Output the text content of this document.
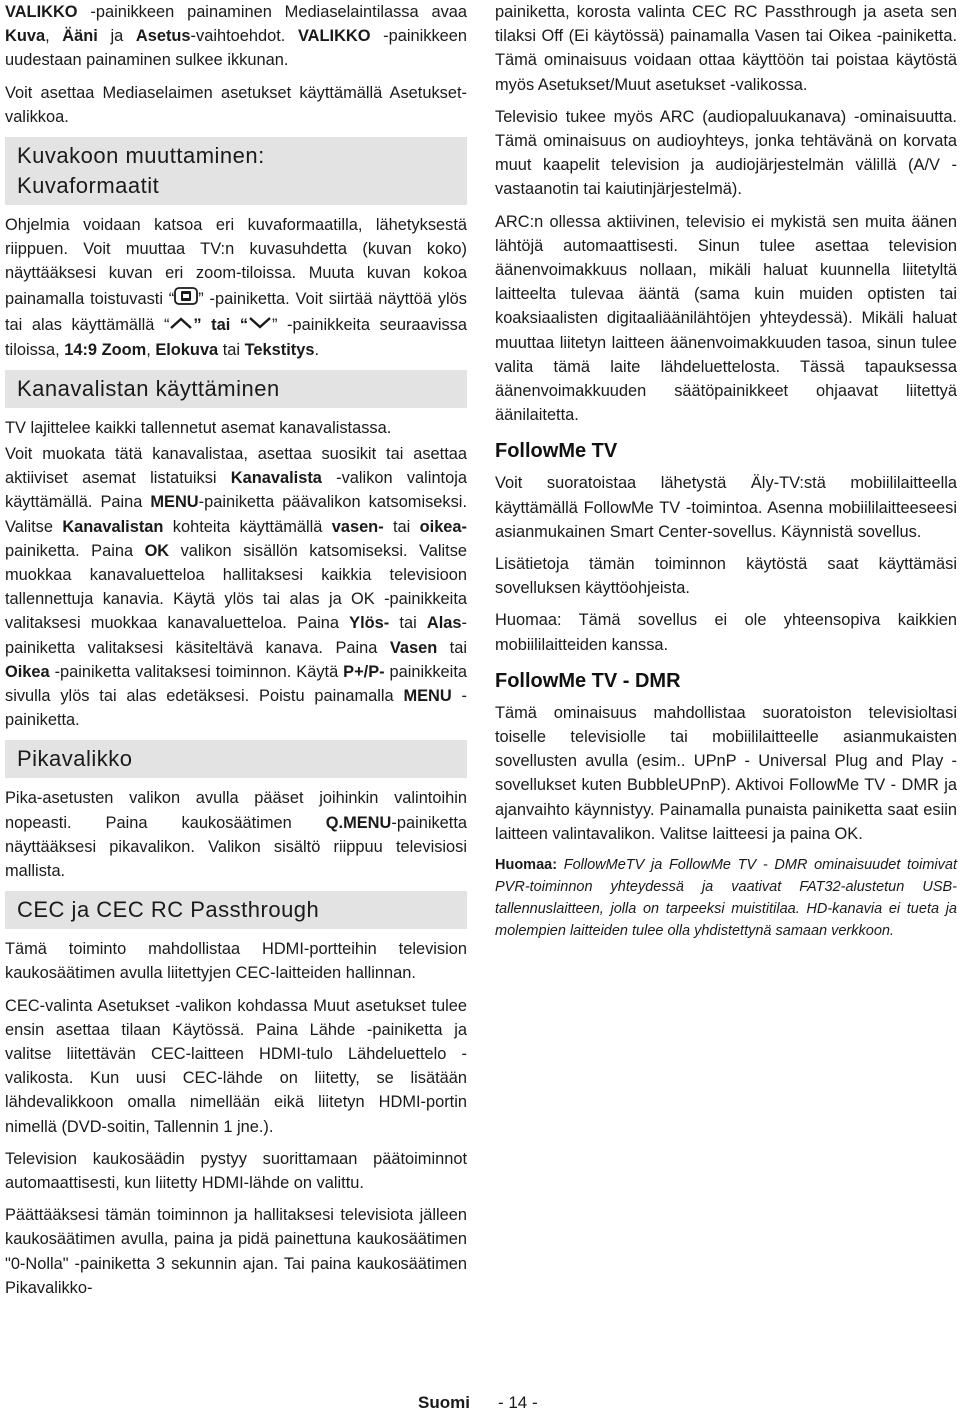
VALIKKO -painikkeen painaminen Mediaselaintilassa avaa Kuva, Ääni ja Asetus-vaihtoehdot. VALIKKO -painikkeen uudestaan painaminen sulkee ikkunan.

Voit asettaa Mediaselaimen asetukset käyttämällä Asetukset-valikkoa.

Kuvakoon muuttaminen:
Kuvaformaatit

Ohjelmia voidaan katsoa eri kuvaformaatilla, lähetyksestä riippuen. Voit muuttaa TV:n kuvasuhdetta (kuvan koko) näyttääksesi kuvan eri zoom-tiloissa. Muuta kuvan kokoa painamalla toistuvasti “ ” -painiketta. Voit siirtää näyttöä ylös tai alas käyttämällä “ ” tai “ ” -painikkeita seuraavissa tiloissa, 14:9 Zoom, Elokuva tai Tekstitys.

Kanavalistan käyttäminen

TV lajittelee kaikki tallennetut asemat kanavalistassa.

Voit muokata tätä kanavalistaa, asettaa suosikit tai asettaa aktiiviset asemat listatuiksi Kanavalista -valikon valintoja käyttämällä. Paina MENU-painiketta päävalikon katsomiseksi. Valitse Kanavalistan kohteita käyttämällä vasen- tai oikea- painiketta. Paina OK valikon sisällön katsomiseksi. Valitse muokkaa kanavaluetteloa hallitaksesi kaikkia televisioon tallennettuja kanavia. Käytä ylös tai alas ja OK -painikkeita valitaksesi muokkaa kanavaluetteloa. Paina Ylös- tai Alas-painiketta valitaksesi käsiteltävä kanava. Paina Vasen tai Oikea -painiketta valitaksesi toiminnon. Käytä P+/P- painikkeita sivulla ylös tai alas edetäksesi. Poistu painamalla MENU -painiketta.

Pikavalikko

Pika-asetusten valikon avulla pääset joihinkin valintoihin nopeasti. Paina kaukosäätimen Q.MENU-painiketta näyttääksesi pikavalikon. Valikon sisältö riippuu televisiosi mallista.

CEC ja CEC RC Passthrough

Tämä toiminto mahdollistaa HDMI-portteihin television kaukosäätimen avulla liitettyjen CEC-laitteiden hallinnan.

CEC-valinta Asetukset -valikon kohdassa Muut asetukset tulee ensin asettaa tilaan Käytössä. Paina Lähde -painiketta ja valitse liitettävän CEC-laitteen HDMI-tulo Lähdeluettelo -valikosta. Kun uusi CEC-lähde on liitetty, se lisätään lähdevalikkoon omalla nimellään eikä liitetyn HDMI-portin nimellä (DVD-soitin, Tallennin 1 jne.).

Television kaukosäädin pystyy suorittamaan päätoiminnot automaattisesti, kun liitetty HDMI-lähde on valittu.

Päättääksesi tämän toiminnon ja hallitaksesi televisiota jälleen kaukosäätimen avulla, paina ja pidä painettuna kaukosäätimen "0-Nolla" -painiketta 3 sekunnin ajan. Tai paina kaukosäätimen Pikavalikko-

painiketta, korosta valinta CEC RC Passthrough ja aseta sen tilaksi Off (Ei käytössä) painamalla Vasen tai Oikea -painiketta. Tämä ominaisuus voidaan ottaa käyttöön tai poistaa käytöstä myös Asetukset/Muut asetukset -valikossa.

Televisio tukee myös ARC (audiopaluukanava) -ominaisuutta. Tämä ominaisuus on audioyhteys, jonka tehtävänä on korvata muut kaapelit television ja audiojärjestelmän välillä (A/V -vastaanotin tai kaiutinjärjestelmä).

ARC:n ollessa aktiivinen, televisio ei mykistä sen muita äänen lähtöjä automaattisesti. Sinun tulee asettaa television äänenvoimakkuus nollaan, mikäli haluat kuunnella liitetyltä laitteelta tulevaa ääntä (sama kuin muiden optisten tai koaksiaalisten digitaaliäänilähtöjen yhteydessä). Mikäli haluat muuttaa liitetyn laitteen äänenvoimakkuuden tasoa, sinun tulee valita tämä laite lähdeluettelosta. Tässä tapauksessa äänenvoimakkuuden säätöpainikkeet ohjaavat liitettyä äänilaitetta.

FollowMe TV

Voit suoratoistaa lähetystä Äly-TV:stä mobiililaitteella käyttämällä FollowMe TV -toimintoa. Asenna mobiililaitteeseesi asianmukainen Smart Center-sovellus. Käynnistä sovellus.

Lisätietoja tämän toiminnon käytöstä saat käyttämäsi sovelluksen käyttöohjeista.

Huomaa: Tämä sovellus ei ole yhteensopiva kaikkien mobiililaitteiden kanssa.

FollowMe TV - DMR

Tämä ominaisuus mahdollistaa suoratoiston televisioltasi toiselle televisiolle tai mobiililaitteelle asianmukaisten sovellusten avulla (esim.. UPnP - Universal Plug and Play - sovellukset kuten BubbleUPnP). Aktivoi FollowMe TV - DMR ja ajanvaihto käynnistyy. Painamalla punaista painiketta saat esiin laitteen valintavalikon. Valitse laitteesi ja paina OK.

Huomaa: FollowMeTV ja FollowMe TV - DMR ominaisuudet toimivat PVR-toiminnon yhteydessä ja vaativat FAT32-alustetun USB-tallennuslaitteen, jolla on tarpeeksi muistitilaa. HD-kanavia ei tueta ja molempien laitteiden tulee olla yhdistettynä samaan verkkoon.

Suomi - 14 -
